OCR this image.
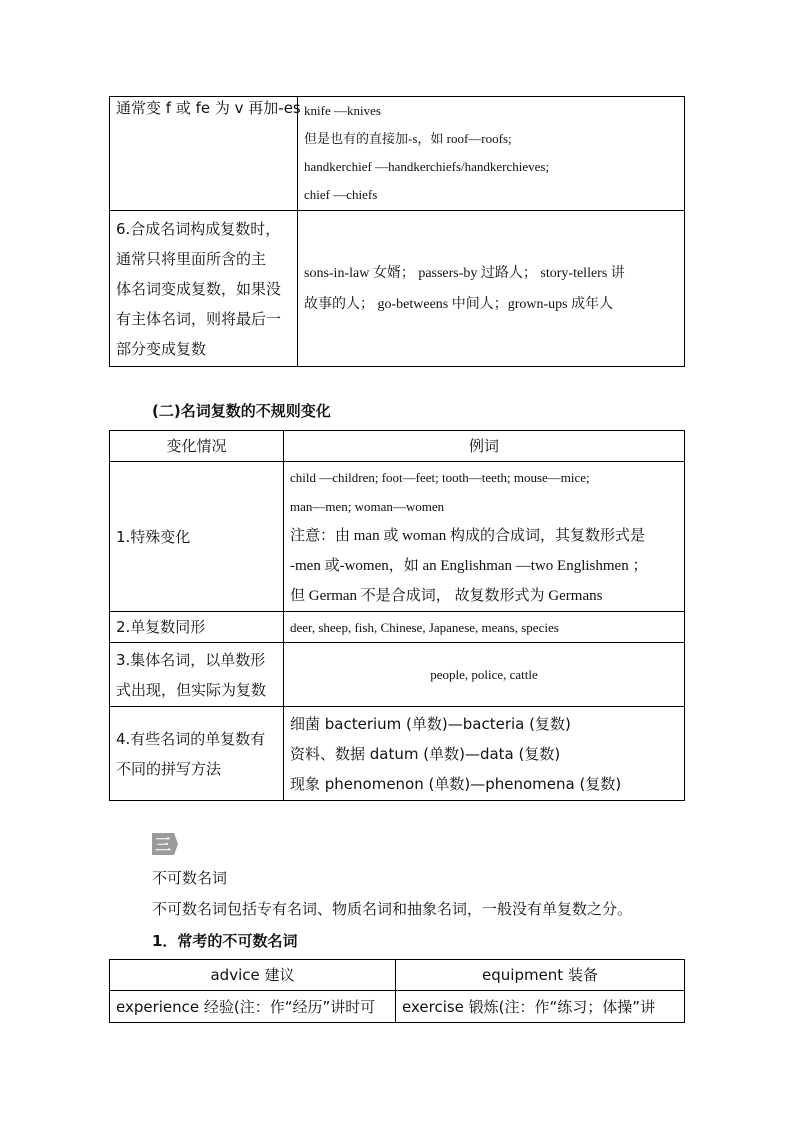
通常变 f 或 fe 为 v 再加-es	knife —knives
但是也有的直接加-s，如 roof—roofs;
handkerchief —handkerchiefs/handkerchieves;
chief —chiefs

6.合成名词构成复数时，
通常只将里面所含的主
体名词变成复数，如果没
有主体名词，则将最后一
部分变成复数	sons-in-law 女婿； passers-by 过路人； story-tellers 讲
故事的人； go-betweens 中间人；grown-ups 成年人
(二)名词复数的不规则变化
变化情况	例词
1.特殊变化	child —children; foot—feet; tooth—teeth; mouse—mice;
man—men; woman—women
注意：由 man 或 woman 构成的合成词，其复数形式是
-men 或-women，如 an Englishman —two Englishmen ；
但 German 不是合成词， 故复数形式为 Germans

2.单复数同形	deer, sheep, fish, Chinese, Japanese, means, species

3.集体名词，以单数形
式出现，但实际为复数	people, police, cattle

4.有些名词的单复数有
不同的拼写方法	细菌 bacterium (单数)—bacteria (复数)
资料、数据 datum (单数)—data (复数)
现象 phenomenon (单数)—phenomena (复数)
三
不可数名词
不可数名词包括专有名词、物质名词和抽象名词，一般没有单复数之分。
1．常考的不可数名词
advice 建议	equipment 装备
experience 经验(注：作“经历”讲时可	exercise 锻炼(注：作“练习；体操”讲
